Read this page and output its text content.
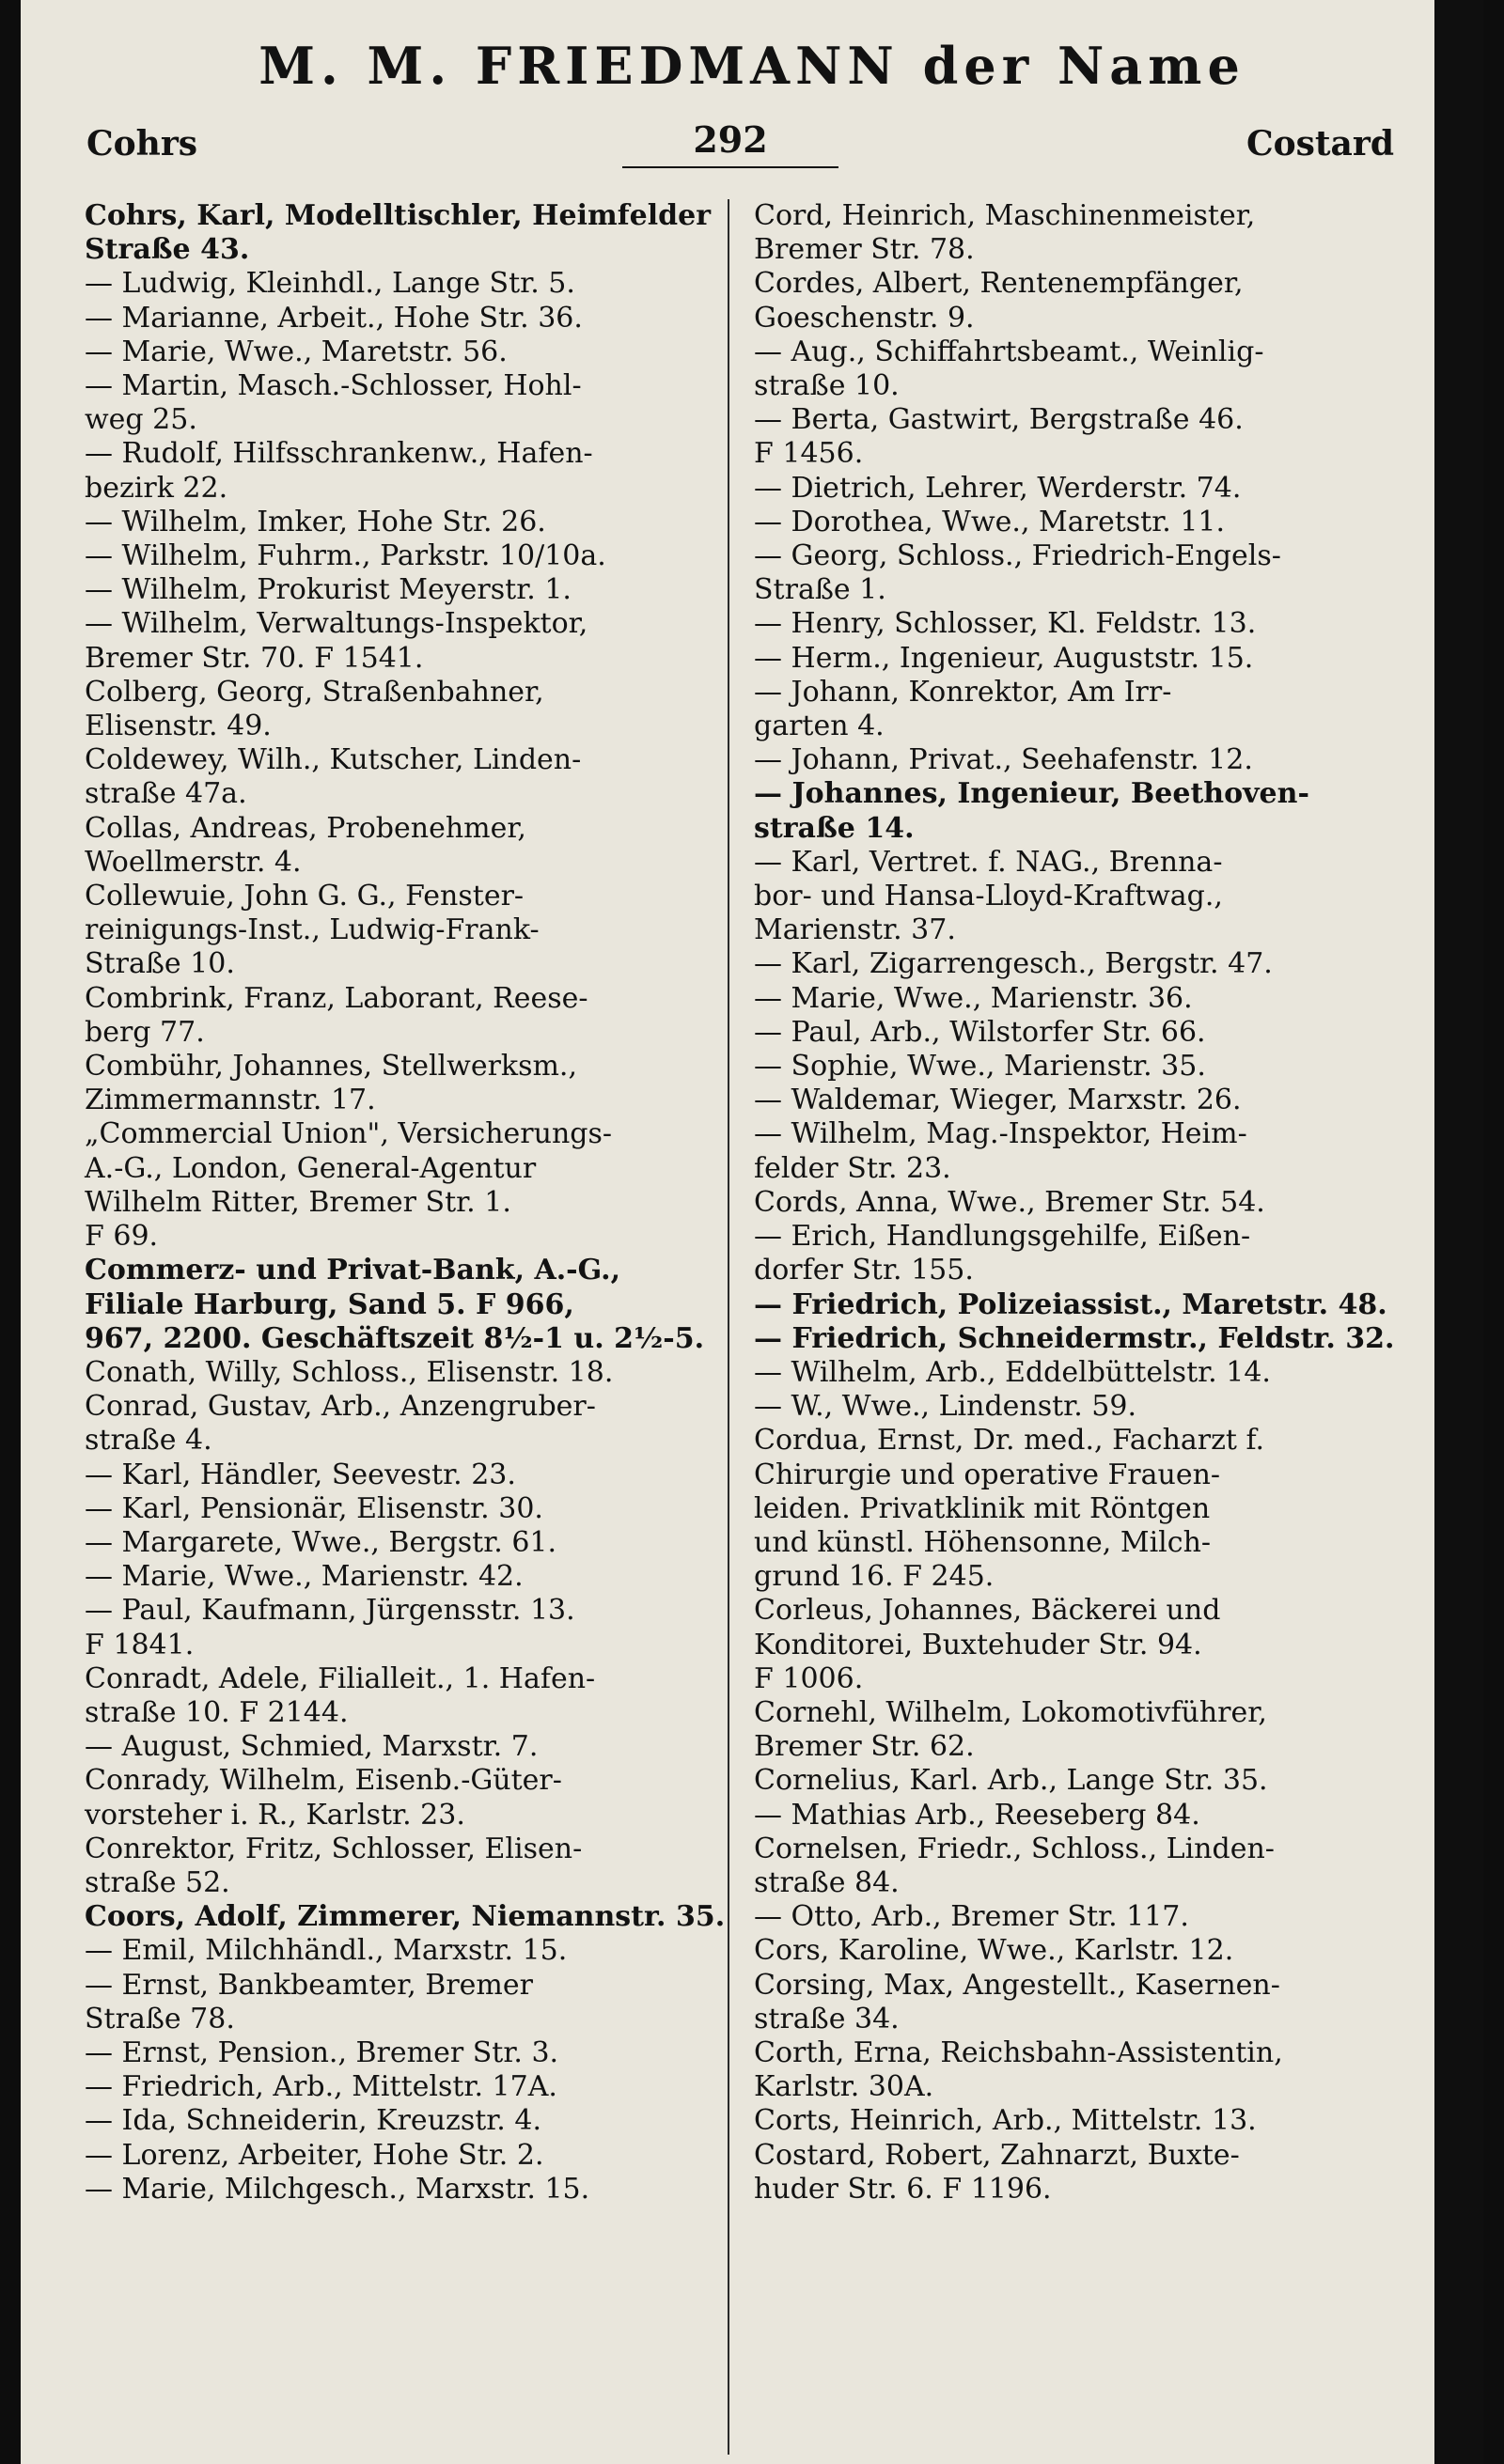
M. M. FRIEDMANN der Name
Cohrs	292	Costard

Cohrs, Karl, Modelltischler, Heimfelder
Straße 43.

— Ludwig, Kleinhdl., Lange Str. 5.

— Marianne, Arbeit., Hohe Str. 36.

— Marie, Wwe., Maretstr. 56.

— Martin, Masch.-Schlosser, Hohl-
weg 25.

— Rudolf, Hilfsschrankenw., Hafen-
bezirk 22.

— Wilhelm, Imker, Hohe Str. 26.

— Wilhelm, Fuhrm., Parkstr. 10/10a.

— Wilhelm, Prokurist Meyerstr. 1.

— Wilhelm, Verwaltungs-Inspektor,
Bremer Str. 70. F 1541.

Colberg, Georg, Straßenbahner,
Elisenstr. 49.

Coldewey, Wilh., Kutscher, Linden-
straße 47a.

Collas, Andreas, Probenehmer,
Woellmerstr. 4.

Collewuie, John G. G., Fenster-
reinigungs-Inst., Ludwig-Frank-
Straße 10.

Combrink, Franz, Laborant, Reese-
berg 77.

Combühr, Johannes, Stellwerksm.,
Zimmermannstr. 17.

„Commercial Union", Versicherungs-
A.-G., London, General-Agentur
Wilhelm Ritter, Bremer Str. 1.
F 69.

Commerz- und Privat-Bank, A.-G.,
Filiale Harburg, Sand 5. F 966,
967, 2200. Geschäftszeit 8½-1 u. 2½-5.

Conath, Willy, Schloss., Elisenstr. 18.

Conrad, Gustav, Arb., Anzengruber-
straße 4.

— Karl, Händler, Seevestr. 23.

— Karl, Pensionär, Elisenstr. 30.

— Margarete, Wwe., Bergstr. 61.

— Marie, Wwe., Marienstr. 42.

— Paul, Kaufmann, Jürgensstr. 13.
F 1841.

Conradt, Adele, Filialleit., 1. Hafen-
straße 10. F 2144.

— August, Schmied, Marxstr. 7.

Conrady, Wilhelm, Eisenb.-Güter-
vorsteher i. R., Karlstr. 23.

Conrektor, Fritz, Schlosser, Elisen-
straße 52.

Coors, Adolf, Zimmerer, Niemannstr. 35.

— Emil, Milchhändl., Marxstr. 15.

— Ernst, Bankbeamter, Bremer
Straße 78.

— Ernst, Pension., Bremer Str. 3.

— Friedrich, Arb., Mittelstr. 17A.

— Ida, Schneiderin, Kreuzstr. 4.

— Lorenz, Arbeiter, Hohe Str. 2.

— Marie, Milchgesch., Marxstr. 15.

Cord, Heinrich, Maschinenmeister,
Bremer Str. 78.

Cordes, Albert, Rentenempfänger,
Goeschenstr. 9.

— Aug., Schiffahrtsbeamt., Weinlig-
straße 10.

— Berta, Gastwirt, Bergstraße 46.
F 1456.

— Dietrich, Lehrer, Werderstr. 74.

— Dorothea, Wwe., Maretstr. 11.

— Georg, Schloss., Friedrich-Engels-
Straße 1.

— Henry, Schlosser, Kl. Feldstr. 13.

— Herm., Ingenieur, Auguststr. 15.

— Johann, Konrektor, Am Irr-
garten 4.

— Johann, Privat., Seehafenstr. 12.

— Johannes, Ingenieur, Beethoven-
straße 14.

— Karl, Vertret. f. NAG., Brenna-
bor- und Hansa-Lloyd-Kraftwag.,
Marienstr. 37.

— Karl, Zigarrengesch., Bergstr. 47.

— Marie, Wwe., Marienstr. 36.

— Paul, Arb., Wilstorfer Str. 66.

— Sophie, Wwe., Marienstr. 35.

— Waldemar, Wieger, Marxstr. 26.

— Wilhelm, Mag.-Inspektor, Heim-
felder Str. 23.

Cords, Anna, Wwe., Bremer Str. 54.

— Erich, Handlungsgehilfe, Eißen-
dorfer Str. 155.

— Friedrich, Polizeiassist., Maretstr. 48.

— Friedrich, Schneidermstr., Feldstr. 32.

— Wilhelm, Arb., Eddelbüttelstr. 14.

— W., Wwe., Lindenstr. 59.

Cordua, Ernst, Dr. med., Facharzt f.
Chirurgie und operative Frauen-
leiden. Privatklinik mit Röntgen
und künstl. Höhensonne, Milch-
grund 16. F 245.

Corleus, Johannes, Bäckerei und
Konditorei, Buxtehuder Str. 94.
F 1006.

Cornehl, Wilhelm, Lokomotivführer,
Bremer Str. 62.

Cornelius, Karl. Arb., Lange Str. 35.

— Mathias Arb., Reeseberg 84.

Cornelsen, Friedr., Schloss., Linden-
straße 84.

— Otto, Arb., Bremer Str. 117.

Cors, Karoline, Wwe., Karlstr. 12.

Corsing, Max, Angestellt., Kasernen-
straße 34.

Corth, Erna, Reichsbahn-Assistentin,
Karlstr. 30A.

Corts, Heinrich, Arb., Mittelstr. 13.

Costard, Robert, Zahnarzt, Buxte-
huder Str. 6. F 1196.
